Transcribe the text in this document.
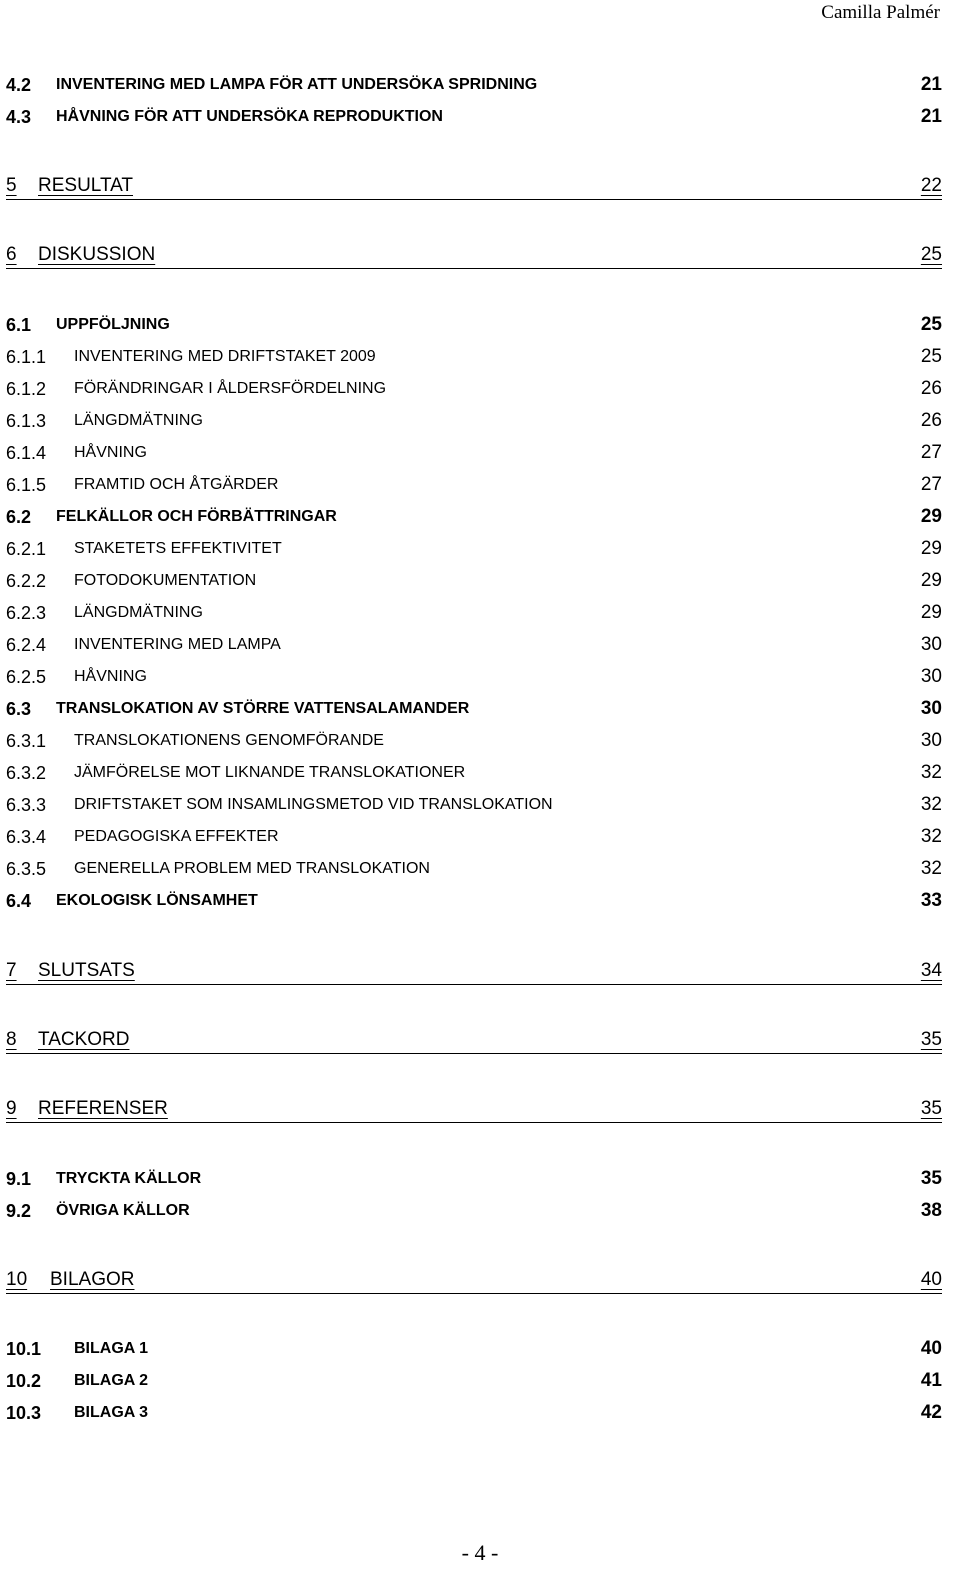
Camilla Palmér
4.2 INVENTERING MED LAMPA FÖR ATT UNDERSÖKA SPRIDNING	21
4.3 HÅVNING FÖR ATT UNDERSÖKA REPRODUKTION	21
5 RESULTAT	22
6 DISKUSSION	25
6.1 UPPFÖLJNING	25
6.1.1 INVENTERING MED DRIFTSTAKET 2009	25
6.1.2 FÖRÄNDRINGAR I ÅLDERSFÖRDELNING	26
6.1.3 LÄNGDMÄTNING	26
6.1.4 HÅVNING	27
6.1.5 FRAMTID OCH ÅTGÄRDER	27
6.2 FELKÄLLOR OCH FÖRBÄTTRINGAR	29
6.2.1 STAKETETS EFFEKTIVITET	29
6.2.2 FOTODOKUMENTATION	29
6.2.3 LÄNGDMÄTNING	29
6.2.4 INVENTERING MED LAMPA	30
6.2.5 HÅVNING	30
6.3 TRANSLOKATION AV STÖRRE VATTENSALAMANDER	30
6.3.1 TRANSLOKATIONENS GENOMFÖRANDE	30
6.3.2 JÄMFÖRELSE MOT LIKNANDE TRANSLOKATIONER	32
6.3.3 DRIFTSTAKET SOM INSAMLINGSMETOD VID TRANSLOKATION	32
6.3.4 PEDAGOGISKA EFFEKTER	32
6.3.5 GENERELLA PROBLEM MED TRANSLOKATION	32
6.4 EKOLOGISK LÖNSAMHET	33
7 SLUTSATS	34
8 TACKORD	35
9 REFERENSER	35
9.1 TRYCKTA KÄLLOR	35
9.2 ÖVRIGA KÄLLOR	38
10 BILAGOR	40
10.1 BILAGA 1	40
10.2 BILAGA 2	41
10.3 BILAGA 3	42
- 4 -
